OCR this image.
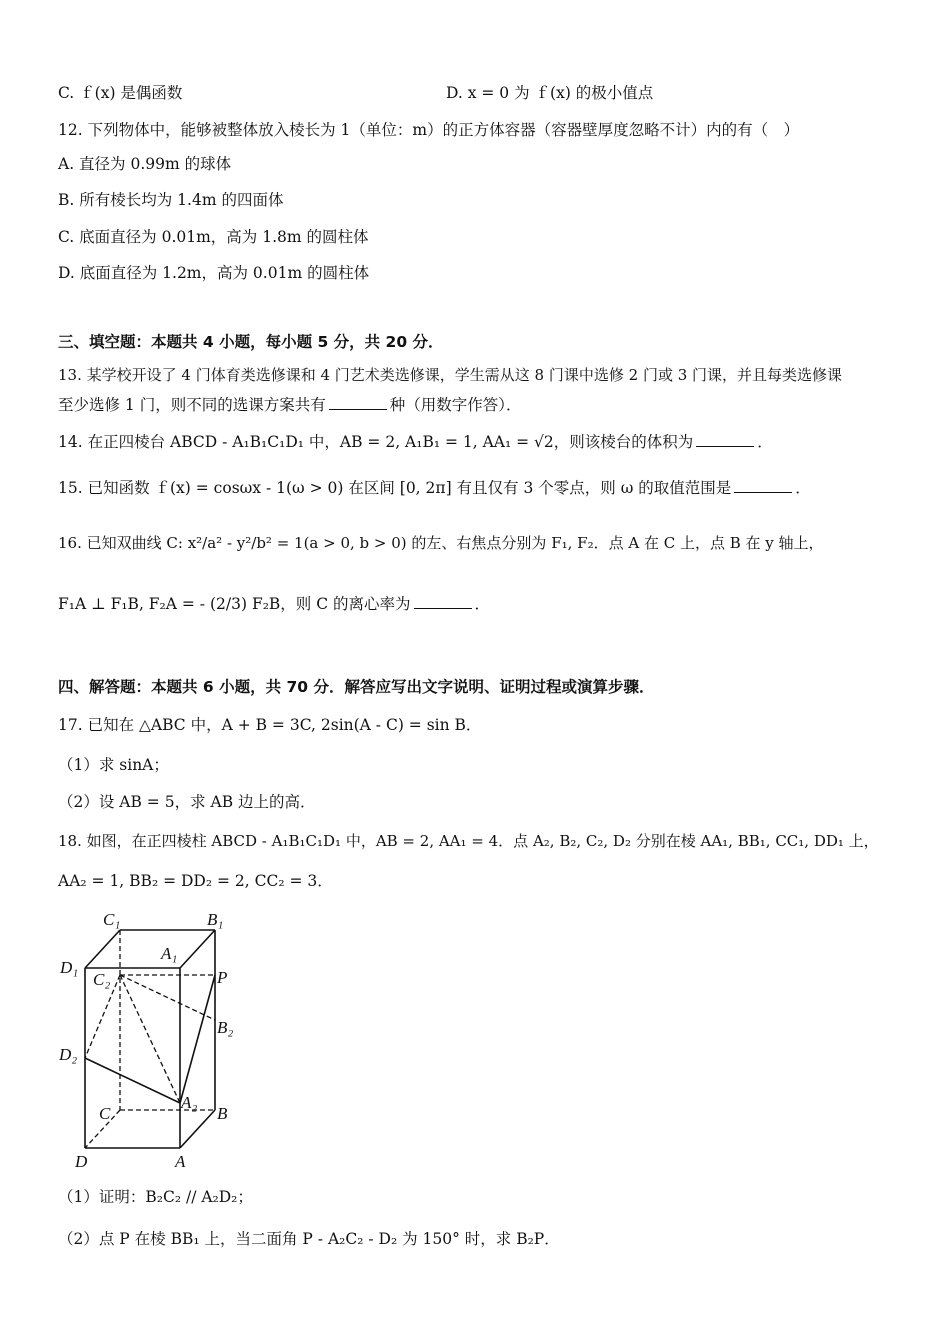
C. ｆ(x) 是偶函数	D. x = 0 为 ｆ(x) 的极小值点
12. 下列物体中，能够被整体放入棱长为 1（单位：m）的正方体容器（容器壁厚度忽略不计）内的有（　）
A. 直径为 0.99m 的球体
B. 所有棱长均为 1.4m 的四面体
C. 底面直径为 0.01m，高为 1.8m 的圆柱体
D. 底面直径为 1.2m，高为 0.01m 的圆柱体
三、填空题：本题共 4 小题，每小题 5 分，共 20 分．
13. 某学校开设了 4 门体育类选修课和 4 门艺术类选修课，学生需从这 8 门课中选修 2 门或 3 门课，并且每类选修课
至少选修 1 门，则不同的选课方案共有	种（用数字作答）．
14. 在正四棱台 ABCD - A₁B₁C₁D₁ 中，AB = 2, A₁B₁ = 1, AA₁ = √2，则该棱台的体积为	．
15. 已知函数 ｆ(x) = cosωx - 1(ω > 0) 在区间 [0, 2π] 有且仅有 3 个零点，则 ω 的取值范围是	．
16. 已知双曲线 C: x²/a² - y²/b² = 1(a > 0, b > 0) 的左、右焦点分别为 F₁, F₂．点 A 在 C 上，点 B 在 y 轴上，
F₁A ⊥ F₁B, F₂A = - (2/3) F₂B，则 C 的离心率为	．
四、解答题：本题共 6 小题，共 70 分．解答应写出文字说明、证明过程或演算步骤．
17. 已知在 △ABC 中，A + B = 3C, 2sin(A - C) = sin B．
（1）求 sinA；
（2）设 AB = 5，求 AB 边上的高．
18. 如图，在正四棱柱 ABCD - A₁B₁C₁D₁ 中，AB = 2, AA₁ = 4．点 A₂, B₂, C₂, D₂ 分别在棱 AA₁, BB₁, CC₁, DD₁ 上，
AA₂ = 1, BB₂ = DD₂ = 2, CC₂ = 3．
C₁	B₁
A₁
D₁
C₂	P
B₂
D₂
A₂
C	B
D	A
（1）证明：B₂C₂ // A₂D₂；
（2）点 P 在棱 BB₁ 上，当二面角 P - A₂C₂ - D₂ 为 150° 时，求 B₂P．
